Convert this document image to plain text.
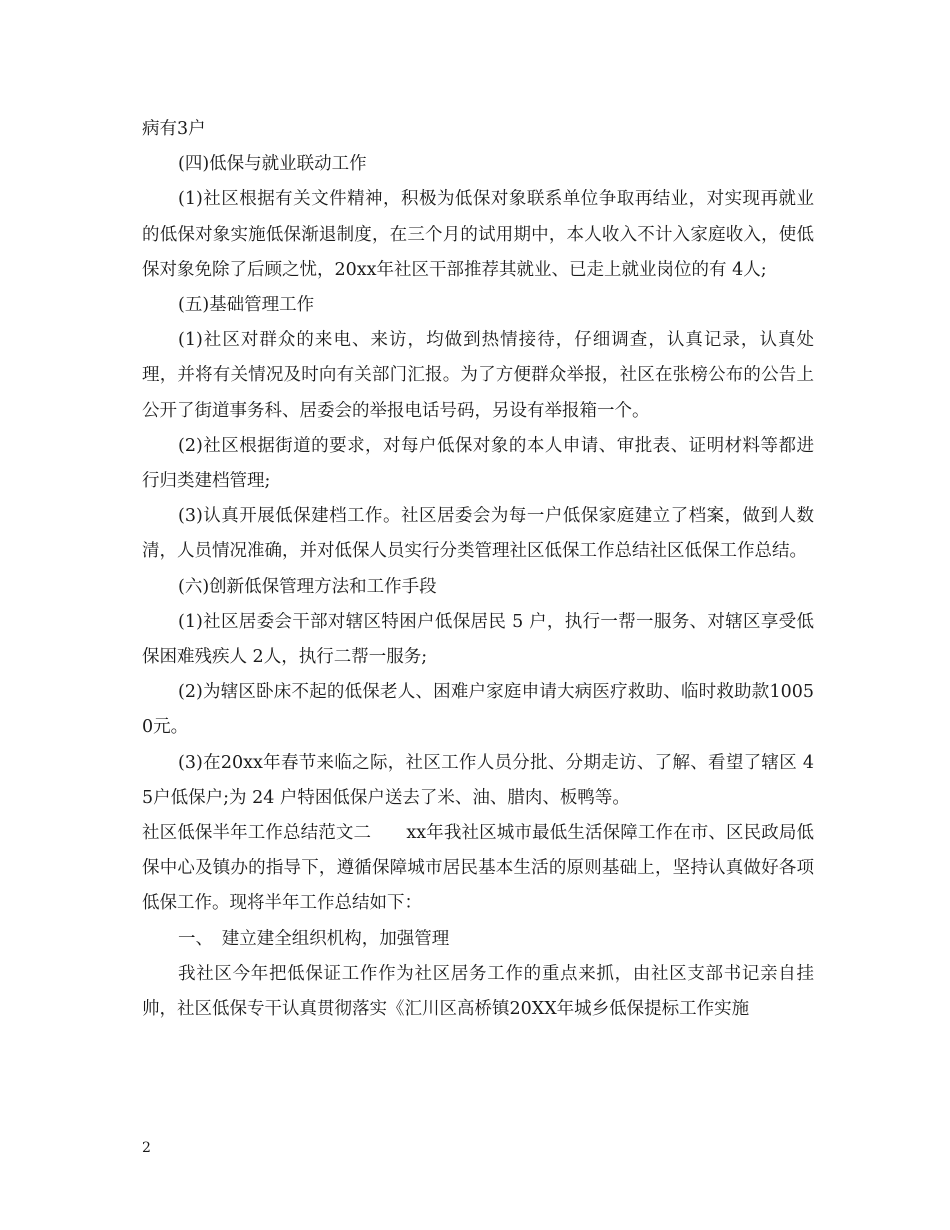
病有3户

(四)低保与就业联动工作

(1)社区根据有关文件精神，积极为低保对象联系单位争取再结业，对实现再就业的低保对象实施低保渐退制度，在三个月的试用期中，本人收入不计入家庭收入，使低保对象免除了后顾之忧，20xx年社区干部推荐其就业、已走上就业岗位的有 4人;

(五)基础管理工作

(1)社区对群众的来电、来访，均做到热情接待，仔细调查，认真记录，认真处理，并将有关情况及时向有关部门汇报。为了方便群众举报，社区在张榜公布的公告上公开了街道事务科、居委会的举报电话号码，另设有举报箱一个。

(2)社区根据街道的要求，对每户低保对象的本人申请、审批表、证明材料等都进行归类建档管理;

(3)认真开展低保建档工作。社区居委会为每一户低保家庭建立了档案，做到人数清，人员情况准确，并对低保人员实行分类管理社区低保工作总结社区低保工作总结。

(六)创新低保管理方法和工作手段

(1)社区居委会干部对辖区特困户低保居民 5 户，执行一帮一服务、对辖区享受低保困难残疾人 2人，执行二帮一服务;

(2)为辖区卧床不起的低保老人、困难户家庭申请大病医疗救助、临时救助款10050元。

(3)在20xx年春节来临之际，社区工作人员分批、分期走访、了解、看望了辖区 45户低保户;为 24 户特困低保户送去了米、油、腊肉、板鸭等。

社区低保半年工作总结范文二　　xx年我社区城市最低生活保障工作在市、区民政局低保中心及镇办的指导下，遵循保障城市居民基本生活的原则基础上，坚持认真做好各项低保工作。现将半年工作总结如下：

一、　建立建全组织机构，加强管理

我社区今年把低保证工作作为社区居务工作的重点来抓，由社区支部书记亲自挂帅，社区低保专干认真贯彻落实《汇川区高桥镇20XX年城乡低保提标工作实施

2
